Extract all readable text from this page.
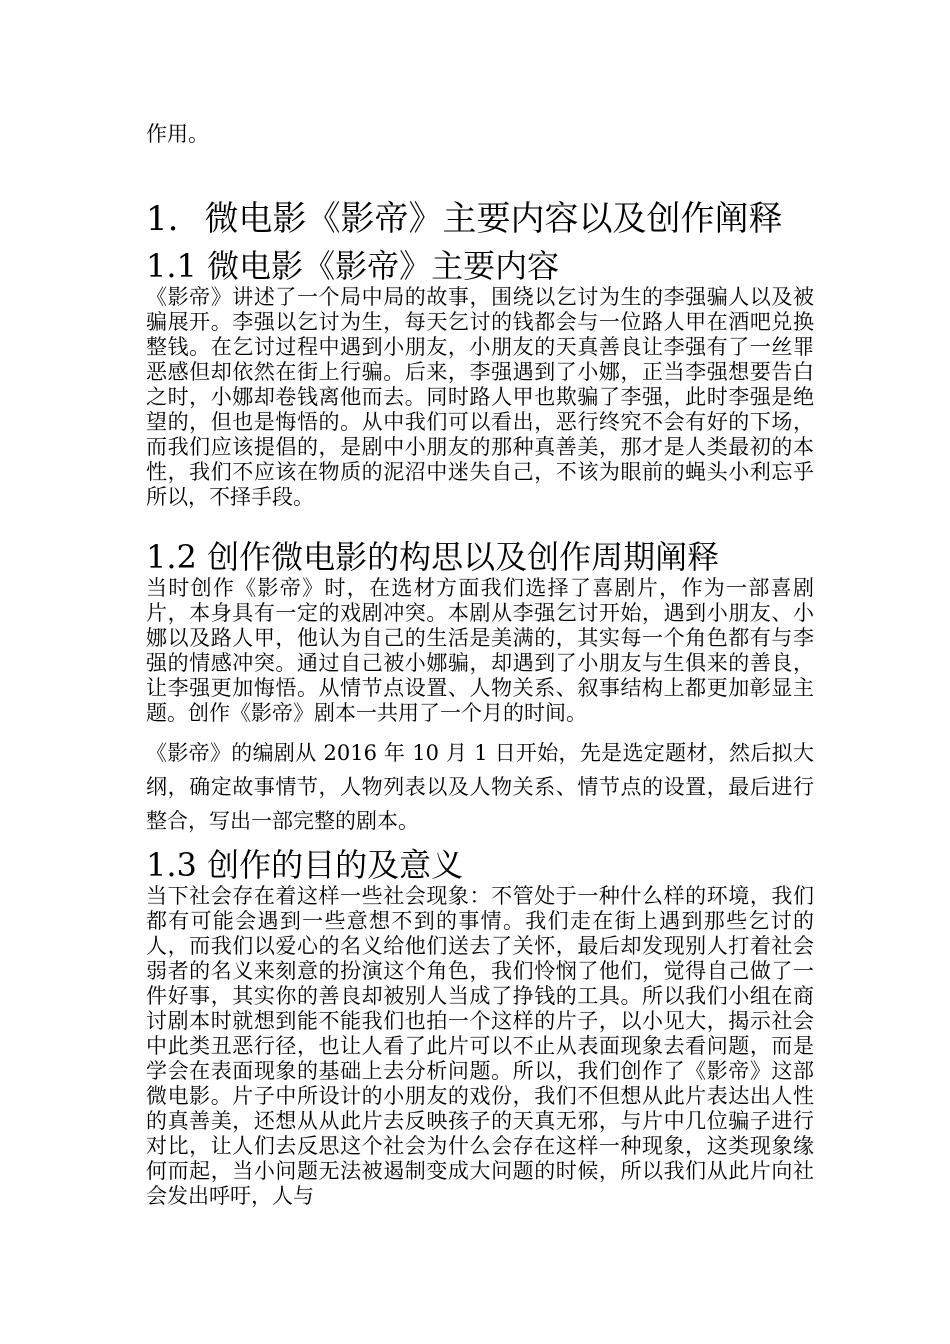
作用。

1. 微电影《影帝》主要内容以及创作阐释
1.1 微电影《影帝》主要内容

《影帝》讲述了一个局中局的故事，围绕以乞讨为生的李强骗人以及被骗展开。李强以乞讨为生，每天乞讨的钱都会与一位路人甲在酒吧兑换整钱。在乞讨过程中遇到小朋友，小朋友的天真善良让李强有了一丝罪恶感但却依然在街上行骗。后来，李强遇到了小娜，正当李强想要告白之时，小娜却卷钱离他而去。同时路人甲也欺骗了李强，此时李强是绝望的，但也是悔悟的。从中我们可以看出，恶行终究不会有好的下场，而我们应该提倡的，是剧中小朋友的那种真善美，那才是人类最初的本性，我们不应该在物质的泥沼中迷失自己，不该为眼前的蝇头小利忘乎所以，不择手段。

1.2 创作微电影的构思以及创作周期阐释

当时创作《影帝》时，在选材方面我们选择了喜剧片，作为一部喜剧片，本身具有一定的戏剧冲突。本剧从李强乞讨开始，遇到小朋友、小娜以及路人甲，他认为自己的生活是美满的，其实每一个角色都有与李强的情感冲突。通过自己被小娜骗，却遇到了小朋友与生俱来的善良，让李强更加悔悟。从情节点设置、人物关系、叙事结构上都更加彰显主题。创作《影帝》剧本一共用了一个月的时间。

《影帝》的编剧从 2016 年 10 月 1 日开始，先是选定题材，然后拟大纲，确定故事情节，人物列表以及人物关系、情节点的设置，最后进行整合，写出一部完整的剧本。

1.3 创作的目的及意义

当下社会存在着这样一些社会现象：不管处于一种什么样的环境，我们都有可能会遇到一些意想不到的事情。我们走在街上遇到那些乞讨的人，而我们以爱心的名义给他们送去了关怀，最后却发现别人打着社会弱者的名义来刻意的扮演这个角色，我们怜悯了他们，觉得自己做了一件好事，其实你的善良却被别人当成了挣钱的工具。所以我们小组在商讨剧本时就想到能不能我们也拍一个这样的片子，以小见大，揭示社会中此类丑恶行径，也让人看了此片可以不止从表面现象去看问题，而是学会在表面现象的基础上去分析问题。所以，我们创作了《影帝》这部微电影。片子中所设计的小朋友的戏份，我们不但想从此片表达出人性的真善美，还想从从此片去反映孩子的天真无邪，与片中几位骗子进行对比，让人们去反思这个社会为什么会存在这样一种现象，这类现象缘何而起，当小问题无法被遏制变成大问题的时候，所以我们从此片向社会发出呼吁，人与
